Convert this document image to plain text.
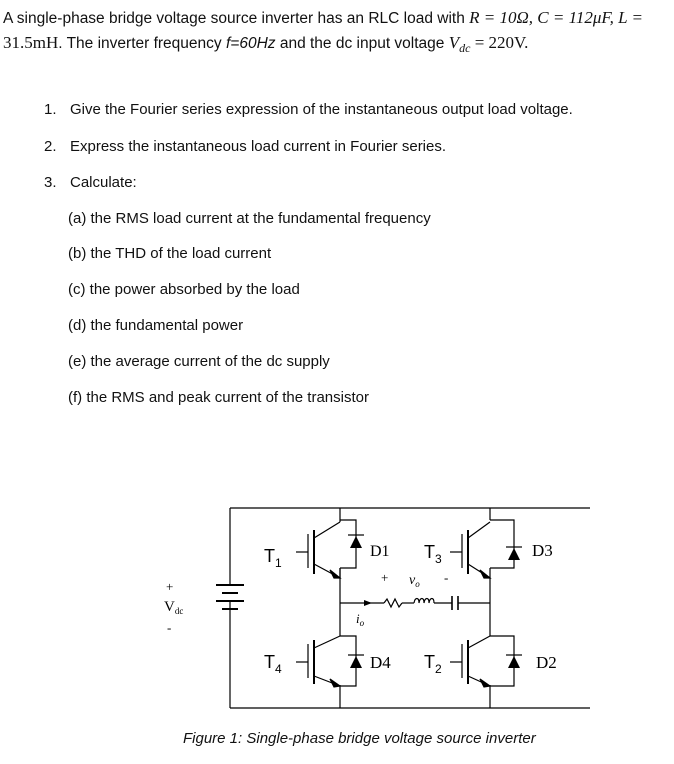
A single-phase bridge voltage source inverter has an RLC load with R = 10Ω, C = 112μF, L =
31.5mH. The inverter frequency f=60Hz and the dc input voltage $V_{dc} = 220V$.
1. Give the Fourier series expression of the instantaneous output load voltage.
2. Express the instantaneous load current in Fourier series.
3. Calculate:
(a) the RMS load current at the fundamental frequency
(b) the THD of the load current
(c) the power absorbed by the load
(d) the fundamental power
(e) the average current of the dc supply
(f) the RMS and peak current of the transistor
$T_1$
$T_3$
$T_4$	$T_2$
D1	D3
D4	D2
+ $v_o$ -
$i_o$
+
$V_{dc}$
-
Figure 1: Single-phase bridge voltage source inverter
